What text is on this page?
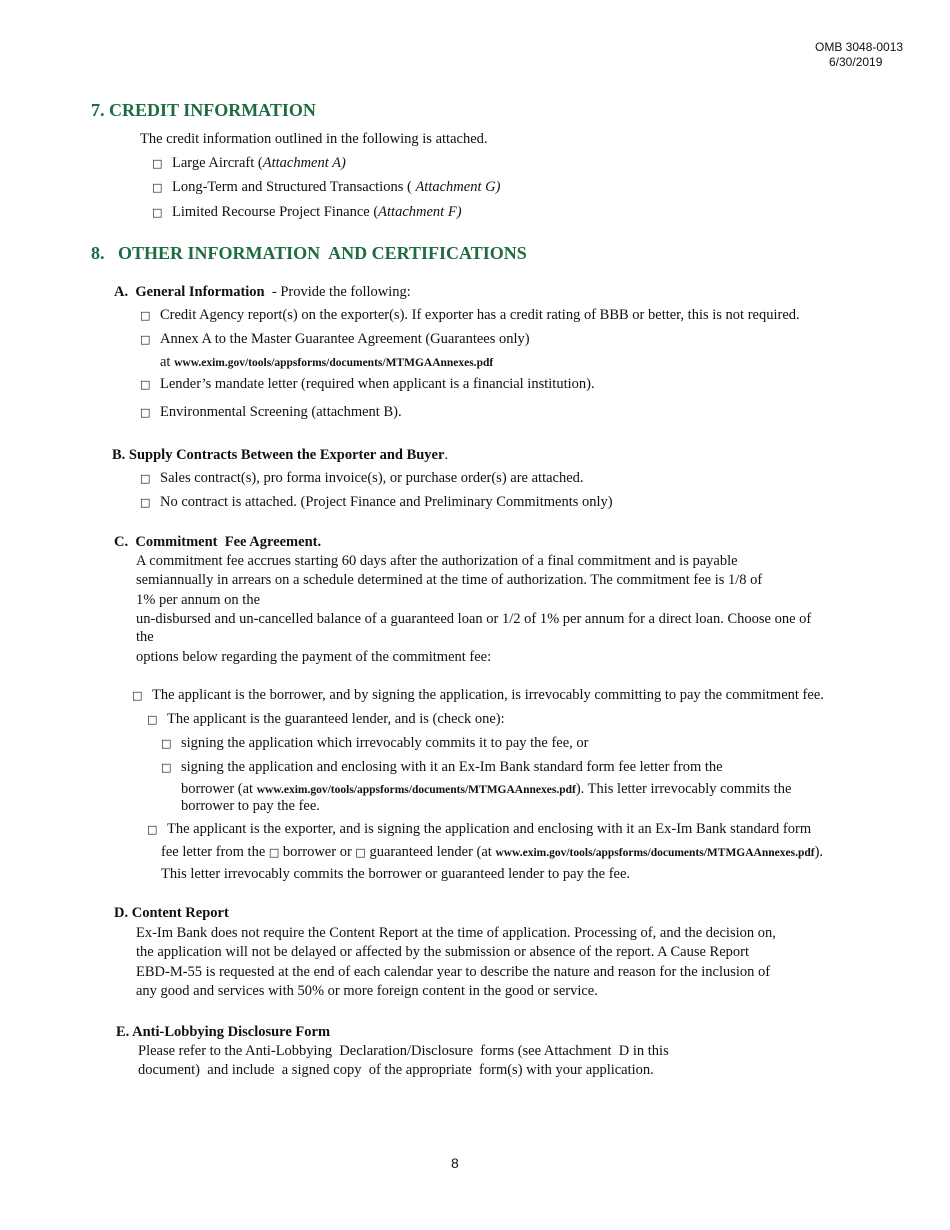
OMB 3048-0013
6/30/2019
7. CREDIT INFORMATION
The credit information outlined in the following is attached.
□ Large Aircraft (Attachment A)
□ Long-Term and Structured Transactions ( Attachment G)
□ Limited Recourse Project Finance (Attachment F)
8.   OTHER INFORMATION  AND CERTIFICATIONS
A.  General Information  - Provide the following:
□ Credit Agency report(s) on the exporter(s). If exporter has a credit rating of BBB or better, this is not required.
□ Annex A to the Master Guarantee Agreement (Guarantees only)
at www.exim.gov/tools/appsforms/documents/MTMGAAnnexes.pdf
□ Lender’s mandate letter (required when applicant is a financial institution).
□ Environmental Screening (attachment B).
B. Supply Contracts Between the Exporter and Buyer.
□ Sales contract(s), pro forma invoice(s), or purchase order(s) are attached.
□ No contract is attached. (Project Finance and Preliminary Commitments only)
C.  Commitment  Fee Agreement.
A commitment fee accrues starting 60 days after the authorization of a final commitment and is payable
semiannually in arrears on a schedule determined at the time of authorization. The commitment fee is 1/8 of
1% per annum on the
un-disbursed and un-cancelled balance of a guaranteed loan or 1/2 of 1% per annum for a direct loan. Choose one of
the
options below regarding the payment of the commitment fee:
□ The applicant is the borrower, and by signing the application, is irrevocably committing to pay the commitment fee.
□ The applicant is the guaranteed lender, and is (check one):
□ signing the application which irrevocably commits it to pay the fee, or
□ signing the application and enclosing with it an Ex-Im Bank standard form fee letter from the
borrower (at www.exim.gov/tools/appsforms/documents/MTMGAAnnexes.pdf). This letter irrevocably commits the
borrower to pay the fee.
□ The applicant is the exporter, and is signing the application and enclosing with it an Ex-Im Bank standard form
fee letter from the □ borrower or □ guaranteed lender (at www.exim.gov/tools/appsforms/documents/MTMGAAnnexes.pdf).
This letter irrevocably commits the borrower or guaranteed lender to pay the fee.
D. Content Report
Ex-Im Bank does not require the Content Report at the time of application. Processing of, and the decision on,
the application will not be delayed or affected by the submission or absence of the report. A Cause Report
EBD-M-55 is requested at the end of each calendar year to describe the nature and reason for the inclusion of
any good and services with 50% or more foreign content in the good or service.
E. Anti-Lobbying Disclosure Form
Please refer to the Anti-Lobbying  Declaration/Disclosure  forms (see Attachment  D in this
document)  and include  a signed copy  of the appropriate  form(s) with your application.
8
